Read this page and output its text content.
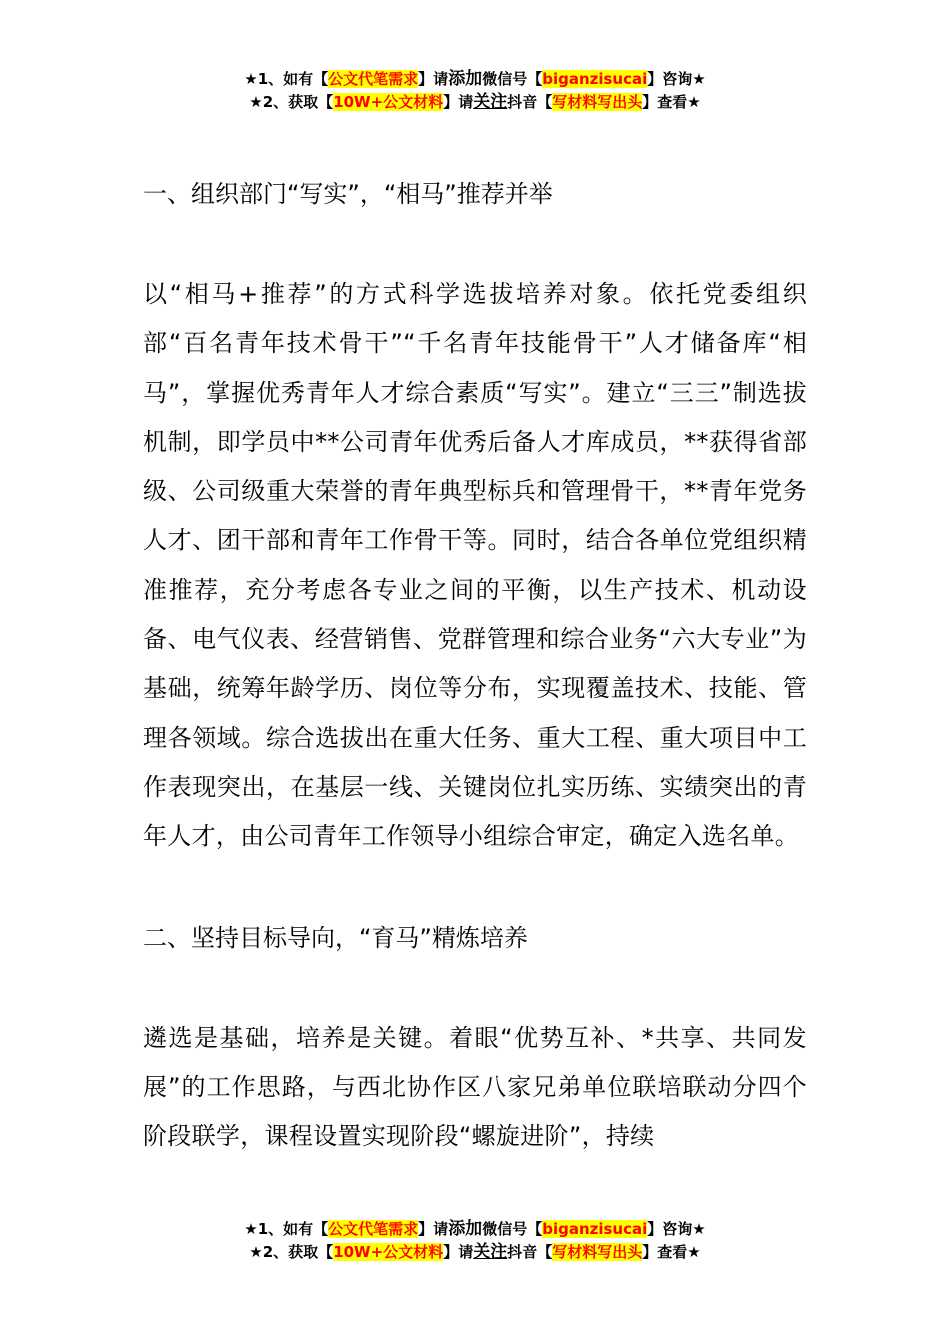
★1、如有【公文代笔需求】请添加微信号【biganzisucai】咨询★
★2、获取【10W+公文材料】请关注抖音【写材料写出头】查看★
一、组织部门“写实”，“相马”推荐并举

以“相马+推荐”的方式科学选拔培养对象。依托党委组织部“百名青年技术骨干”“千名青年技能骨干”人才储备库“相马”，掌握优秀青年人才综合素质“写实”。建立“三三”制选拔机制，即学员中**公司青年优秀后备人才库成员，**获得省部级、公司级重大荣誉的青年典型标兵和管理骨干，**青年党务人才、团干部和青年工作骨干等。同时，结合各单位党组织精准推荐，充分考虑各专业之间的平衡，以生产技术、机动设备、电气仪表、经营销售、党群管理和综合业务“六大专业”为基础，统筹年龄学历、岗位等分布，实现覆盖技术、技能、管理各领域。综合选拔出在重大任务、重大工程、重大项目中工作表现突出，在基层一线、关键岗位扎实历练、实绩突出的青年人才，由公司青年工作领导小组综合审定，确定入选名单。

二、坚持目标导向，“育马”精炼培养

遴选是基础，培养是关键。着眼“优势互补、*共享、共同发展”的工作思路，与西北协作区八家兄弟单位联培联动分四个阶段联学，课程设置实现阶段“螺旋进阶”，持续

★1、如有【公文代笔需求】请添加微信号【biganzisucai】咨询★
★2、获取【10W+公文材料】请关注抖音【写材料写出头】查看★
